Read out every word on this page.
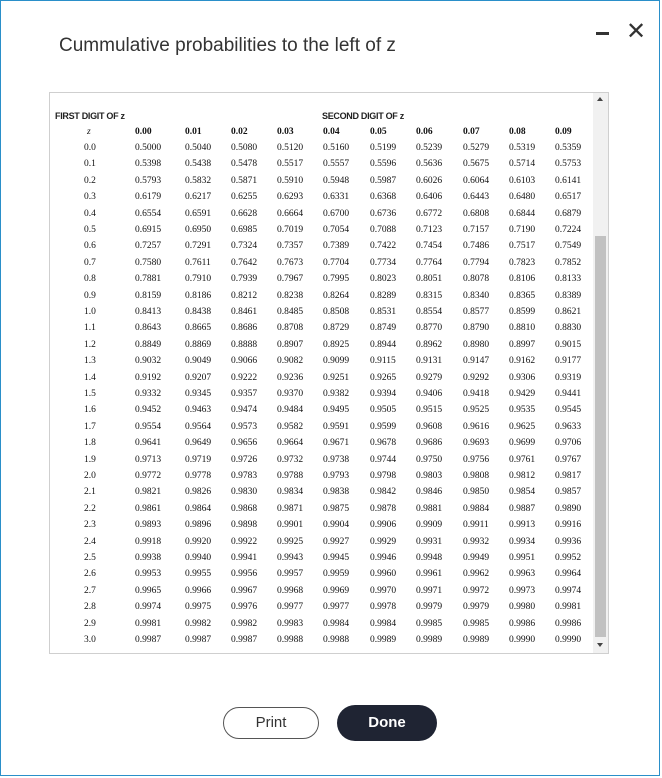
Cummulative probabilities to the left of z
✕
FIRST DIGIT OF z	SECOND DIGIT OF z
z	0.00	0.01	0.02	0.03	0.04	0.05	0.06	0.07	0.08	0.09
0.0	0.5000	0.5040 0.5080 0.5120 0.5160 0.5199 0.5239 0.5279 0.5319 0.5359
0.1	0.5398	0.5438 0.5478 0.5517 0.5557 0.5596 0.5636 0.5675 0.5714 0.5753
0.2	0.5793	0.5832 0.5871 0.5910 0.5948 0.5987 0.6026 0.6064 0.6103 0.6141
0.3	0.6179	0.6217 0.6255 0.6293 0.6331 0.6368 0.6406 0.6443 0.6480 0.6517
0.4	0.6554	0.6591 0.6628 0.6664 0.6700 0.6736 0.6772 0.6808 0.6844 0.6879
0.5	0.6915	0.6950 0.6985 0.7019 0.7054 0.7088 0.7123 0.7157 0.7190 0.7224
0.6	0.7257	0.7291 0.7324 0.7357 0.7389 0.7422 0.7454 0.7486 0.7517 0.7549
0.7	0.7580	0.7611 0.7642 0.7673 0.7704 0.7734 0.7764 0.7794 0.7823 0.7852
0.8	0.7881	0.7910 0.7939 0.7967 0.7995 0.8023 0.8051 0.8078 0.8106 0.8133
0.9	0.8159	0.8186 0.8212 0.8238 0.8264 0.8289 0.8315 0.8340 0.8365 0.8389
1.0	0.8413	0.8438 0.8461 0.8485 0.8508 0.8531 0.8554 0.8577 0.8599 0.8621
1.1	0.8643	0.8665 0.8686 0.8708 0.8729 0.8749 0.8770 0.8790 0.8810 0.8830
1.2	0.8849	0.8869 0.8888 0.8907 0.8925 0.8944 0.8962 0.8980 0.8997 0.9015
1.3	0.9032	0.9049 0.9066 0.9082 0.9099 0.9115 0.9131 0.9147 0.9162 0.9177
1.4	0.9192	0.9207 0.9222 0.9236 0.9251 0.9265 0.9279 0.9292 0.9306 0.9319
1.5	0.9332	0.9345 0.9357 0.9370 0.9382 0.9394 0.9406 0.9418 0.9429 0.9441
1.6	0.9452	0.9463 0.9474 0.9484 0.9495 0.9505 0.9515 0.9525 0.9535 0.9545
1.7	0.9554	0.9564 0.9573 0.9582 0.9591 0.9599 0.9608 0.9616 0.9625 0.9633
1.8	0.9641	0.9649 0.9656 0.9664 0.9671 0.9678 0.9686 0.9693 0.9699 0.9706
1.9	0.9713	0.9719 0.9726 0.9732 0.9738 0.9744 0.9750 0.9756 0.9761 0.9767
2.0	0.9772	0.9778 0.9783 0.9788 0.9793 0.9798 0.9803 0.9808 0.9812 0.9817
2.1	0.9821	0.9826 0.9830 0.9834 0.9838 0.9842 0.9846 0.9850 0.9854 0.9857
2.2	0.9861	0.9864 0.9868 0.9871 0.9875 0.9878 0.9881 0.9884 0.9887 0.9890
2.3	0.9893	0.9896 0.9898 0.9901 0.9904 0.9906 0.9909 0.9911 0.9913 0.9916
2.4	0.9918	0.9920 0.9922 0.9925 0.9927 0.9929 0.9931 0.9932 0.9934 0.9936
2.5	0.9938	0.9940 0.9941 0.9943 0.9945 0.9946 0.9948 0.9949 0.9951 0.9952
2.6	0.9953	0.9955 0.9956 0.9957 0.9959 0.9960 0.9961 0.9962 0.9963 0.9964
2.7	0.9965	0.9966 0.9967 0.9968 0.9969 0.9970 0.9971 0.9972 0.9973 0.9974
2.8	0.9974	0.9975 0.9976 0.9977 0.9977 0.9978 0.9979 0.9979 0.9980 0.9981
2.9	0.9981	0.9982 0.9982 0.9983 0.9984 0.9984 0.9985 0.9985 0.9986 0.9986
3.0	0.9987	0.9987 0.9987 0.9988 0.9988 0.9989 0.9989 0.9989 0.9990 0.9990
Print	Done
